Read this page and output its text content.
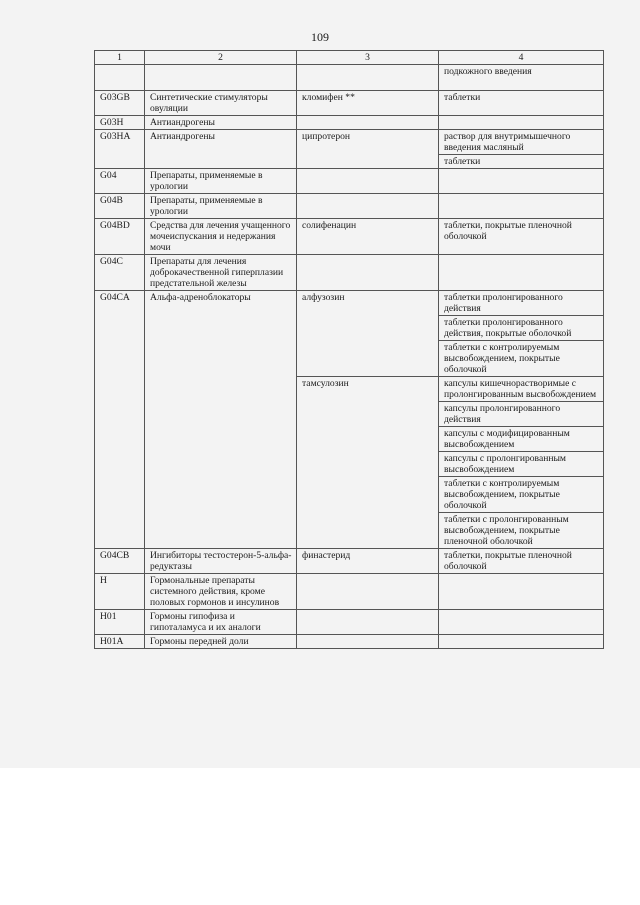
109
1	2	3	4
			подкожного введения
G03GB	Синтетические стимуляторы овуляции	кломифен **	таблетки
G03H	Антиандрогены		
G03HA	Антиандрогены	ципротерон	раствор для внутримышечного введения масляный
			таблетки
G04	Препараты, применяемые в урологии		
G04B	Препараты, применяемые в урологии		
G04BD	Средства для лечения учащенного мочеиспускания и недержания мочи	солифенацин	таблетки, покрытые пленочной оболочкой
G04C	Препараты для лечения доброкачественной гиперплазии предстательной железы		
G04CA	Альфа-адреноблокаторы	алфузозин	таблетки пролонгированного действия
			таблетки пролонгированного действия, покрытые оболочкой
			таблетки с контролируемым высвобождением, покрытые оболочкой
		тамсулозин	капсулы кишечнорастворимые с пролонгированным высвобождением
			капсулы пролонгированного действия
			капсулы с модифицированным высвобождением
			капсулы с пролонгированным высвобождением
			таблетки с контролируемым высвобождением, покрытые оболочкой
			таблетки с пролонгированным высвобождением, покрытые пленочной оболочкой
G04CB	Ингибиторы тестостерон-5-альфа-редуктазы	финастерид	таблетки, покрытые пленочной оболочкой
H	Гормональные препараты системного действия, кроме половых гормонов и инсулинов		
H01	Гормоны гипофиза и гипоталамуса и их аналоги		
H01A	Гормоны передней доли		
